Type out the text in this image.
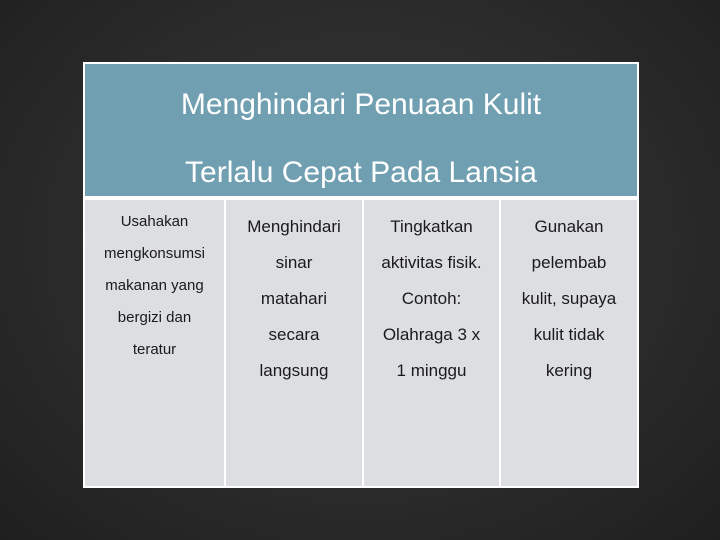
Menghindari Penuaan Kulit
Terlalu Cepat Pada Lansia
Usahakan
mengkonsumsi
makanan yang
bergizi dan
teratur
Menghindari
sinar
matahari
secara
langsung
Tingkatkan
aktivitas fisik.
Contoh:
Olahraga 3 x
1 minggu
Gunakan
pelembab
kulit, supaya
kulit tidak
kering
